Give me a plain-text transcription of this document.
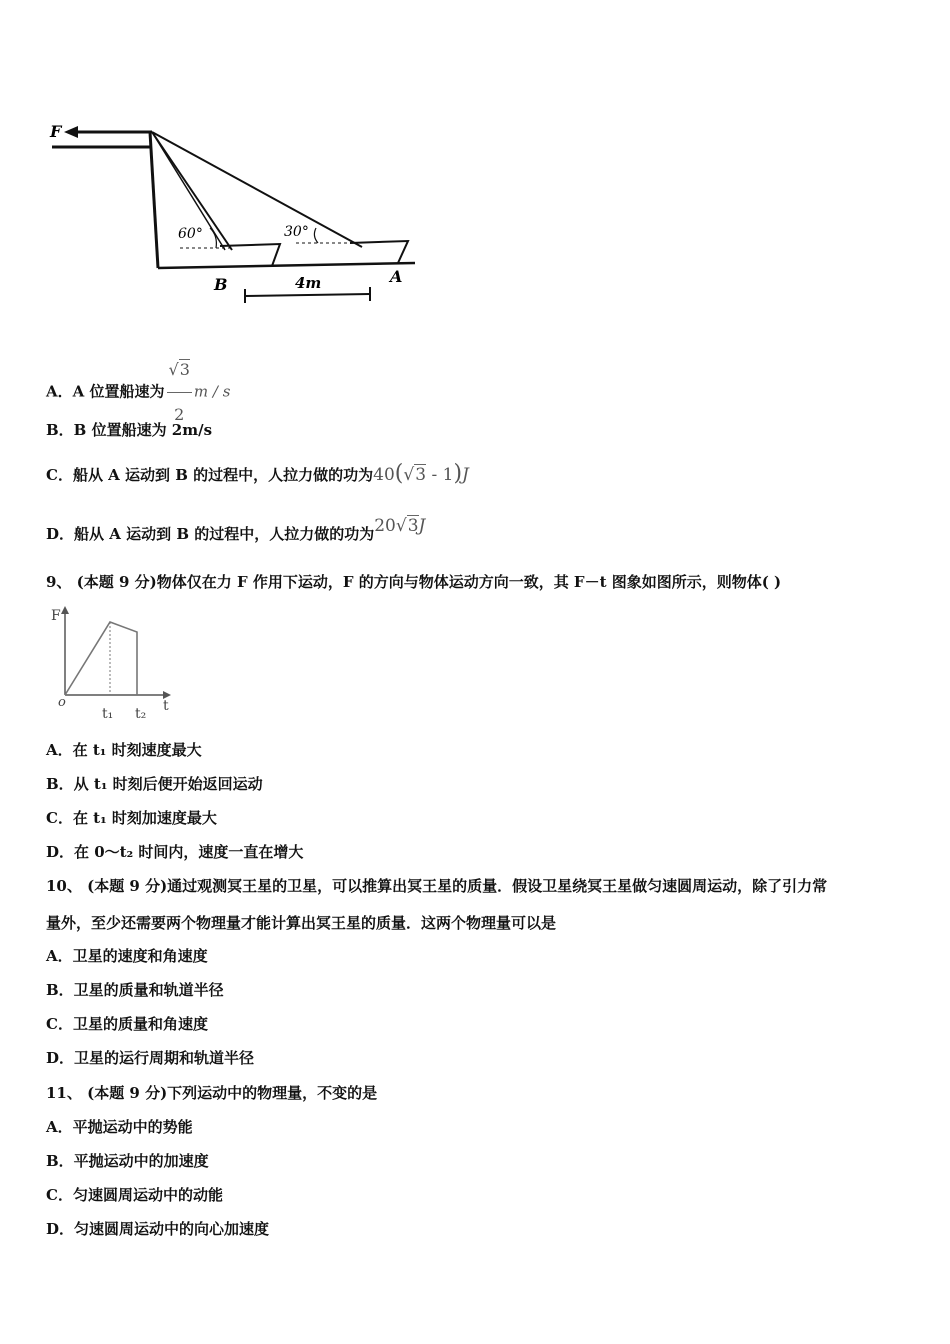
F
60°	30°
B	A
4m
A．A 位置船速为 $\frac{√3}{2}$ m / s
B．B 位置船速为 2m/s
C．船从 A 运动到 B 的过程中，人拉力做的功为40(√3 - 1)J
D．船从 A 运动到 B 的过程中，人拉力做的功为20√3J
9、 (本题 9 分)物体仅在力 F 作用下运动，F 的方向与物体运动方向一致，其 F－t 图象如图所示，则物体( )
F
o	t
t₁ t₂
A．在 t₁ 时刻速度最大
B．从 t₁ 时刻后便开始返回运动
C．在 t₁ 时刻加速度最大
D．在 0～t₂ 时间内，速度一直在增大
10、 (本题 9 分)通过观测冥王星的卫星，可以推算出冥王星的质量．假设卫星绕冥王星做匀速圆周运动，除了引力常
量外，至少还需要两个物理量才能计算出冥王星的质量．这两个物理量可以是
A．卫星的速度和角速度
B．卫星的质量和轨道半径
C．卫星的质量和角速度
D．卫星的运行周期和轨道半径
11、 (本题 9 分)下列运动中的物理量，不变的是
A．平抛运动中的势能
B．平抛运动中的加速度
C．匀速圆周运动中的动能
D．匀速圆周运动中的向心加速度
